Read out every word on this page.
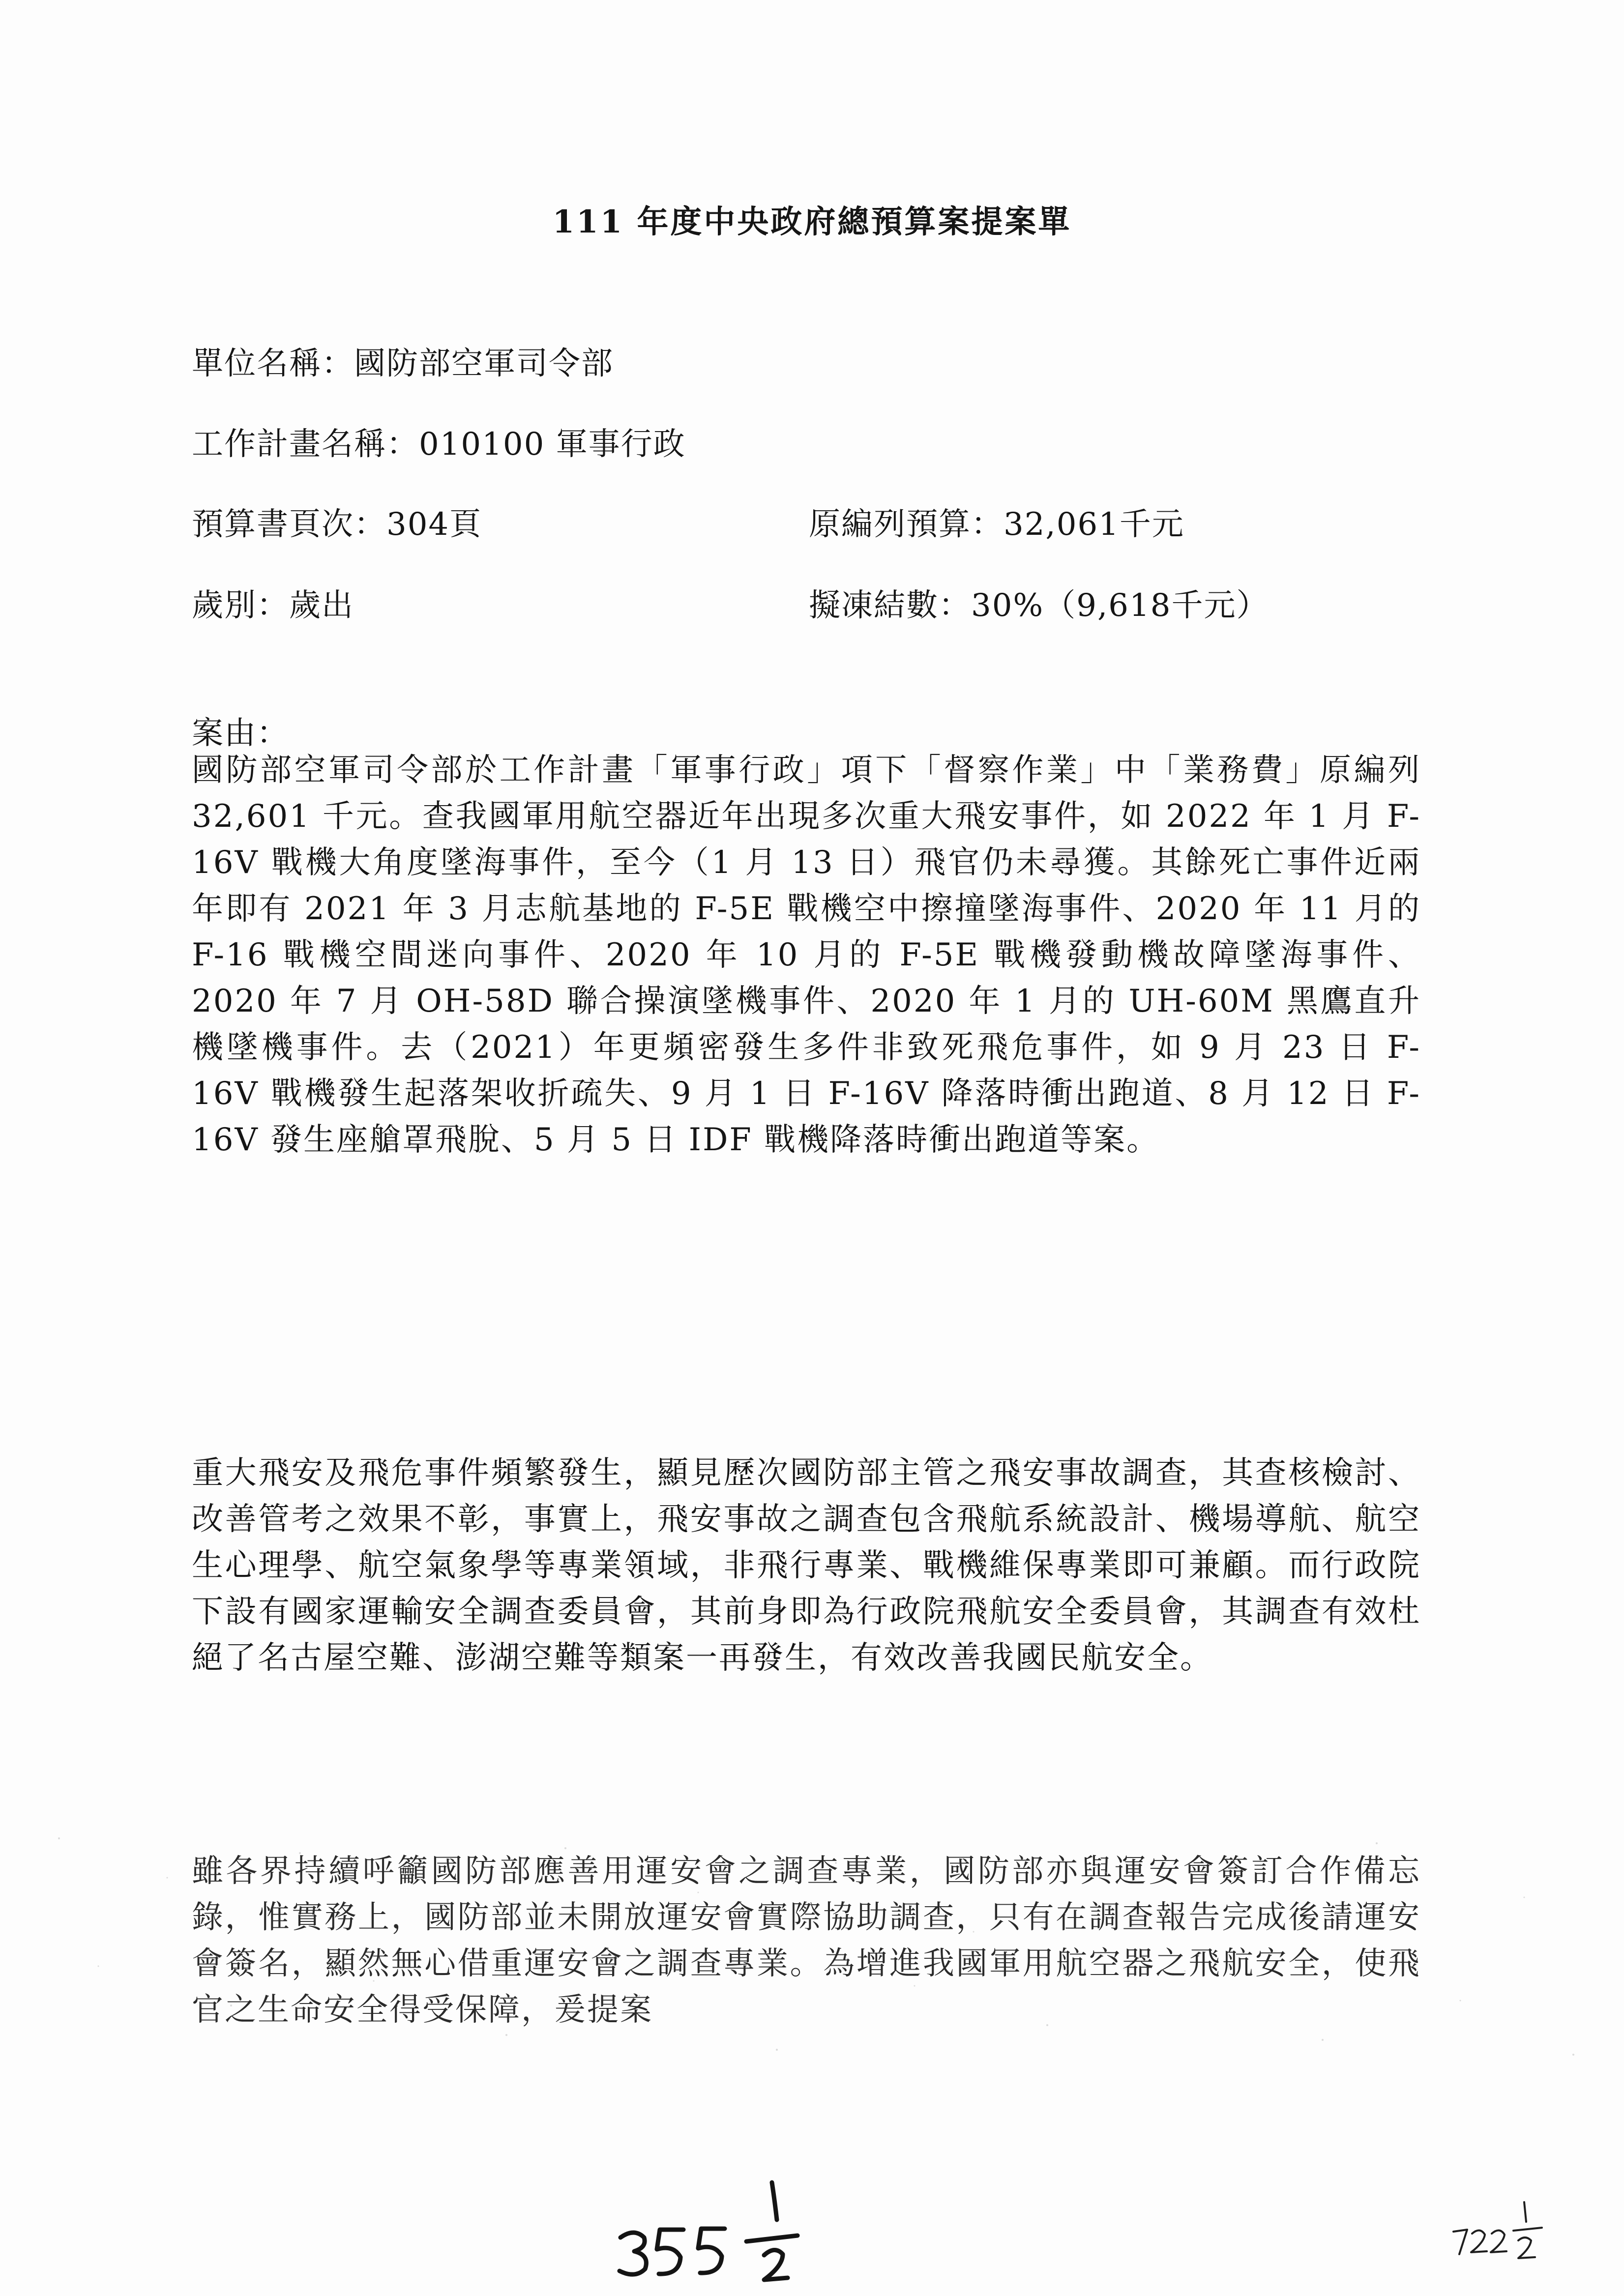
111 年度中央政府總預算案提案單
單位名稱：國防部空軍司令部
工作計畫名稱：010100 軍事行政
預算書頁次：304頁	原編列預算：32,061千元
歲別：歲出	擬凍結數：30%（9,618千元）
案由：

國防部空軍司令部於工作計畫「軍事行政」項下「督察作業」中「業務費」原編列 32,601 千元。查我國軍用航空器近年出現多次重大飛安事件，如 2022 年 1 月 F-16V 戰機大角度墜海事件，至今（1 月 13 日）飛官仍未尋獲。其餘死亡事件近兩年即有 2021 年 3 月志航基地的 F-5E 戰機空中擦撞墜海事件、2020 年 11 月的 F-16 戰機空間迷向事件、2020 年 10 月的 F-5E 戰機發動機故障墜海事件、 2020 年 7 月 OH-58D 聯合操演墜機事件、2020 年 1 月的 UH-60M 黑鷹直升機墜機事件。去（2021）年更頻密發生多件非致死飛危事件，如 9 月 23 日 F-16V 戰機發生起落架收折疏失、9 月 1 日 F-16V 降落時衝出跑道、8 月 12 日 F-16V 發生座艙罩飛脫、5 月 5 日 IDF 戰機降落時衝出跑道等案。

重大飛安及飛危事件頻繁發生，顯見歷次國防部主管之飛安事故調查，其查核檢討、改善管考之效果不彰，事實上，飛安事故之調查包含飛航系統設計、機場導航、航空生心理學、航空氣象學等專業領域，非飛行專業、戰機維保專業即可兼顧。而行政院下設有國家運輸安全調查委員會，其前身即為行政院飛航安全委員會，其調查有效杜絕了名古屋空難、澎湖空難等類案一再發生，有效改善我國民航安全。

雖各界持續呼籲國防部應善用運安會之調查專業，國防部亦與運安會簽訂合作備忘錄，惟實務上，國防部並未開放運安會實際協助調查，只有在調查報告完成後請運安會簽名，顯然無心借重運安會之調查專業。為增進我國軍用航空器之飛航安全，使飛官之生命安全得受保障，爰提案
